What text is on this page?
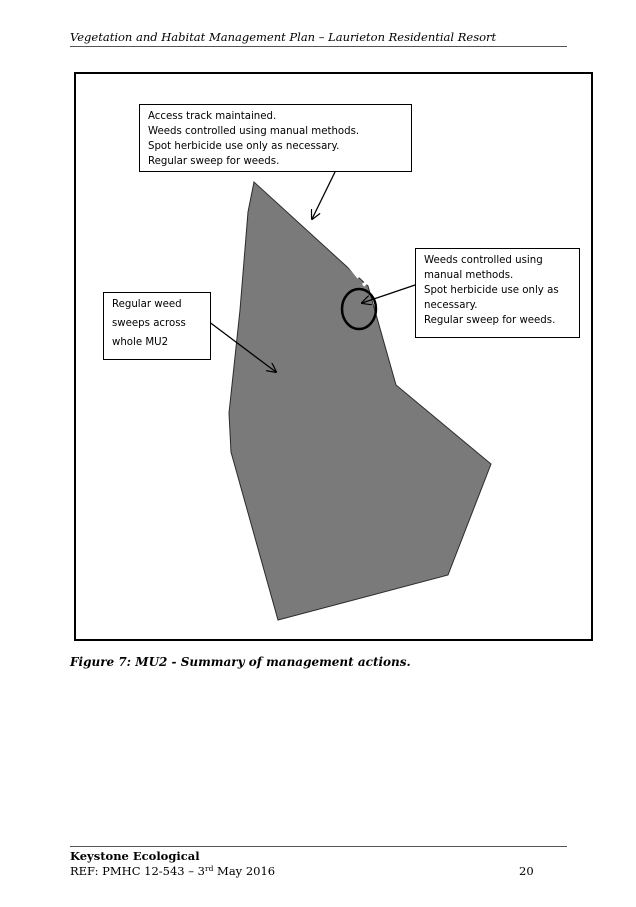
Vegetation and Habitat Management Plan – Laurieton Residential Resort
Access track maintained.
Weeds controlled using manual methods.
Spot herbicide use only as necessary.
Regular sweep for weeds.
Weeds controlled using
manual methods.
Spot herbicide use only as
necessary.
Regular sweep for weeds.
Regular weed
sweeps across
whole MU2
Figure 7: MU2 - Summary of management actions.
Keystone Ecological
REF: PMHC 12-543 – 3rd May 2016	20
